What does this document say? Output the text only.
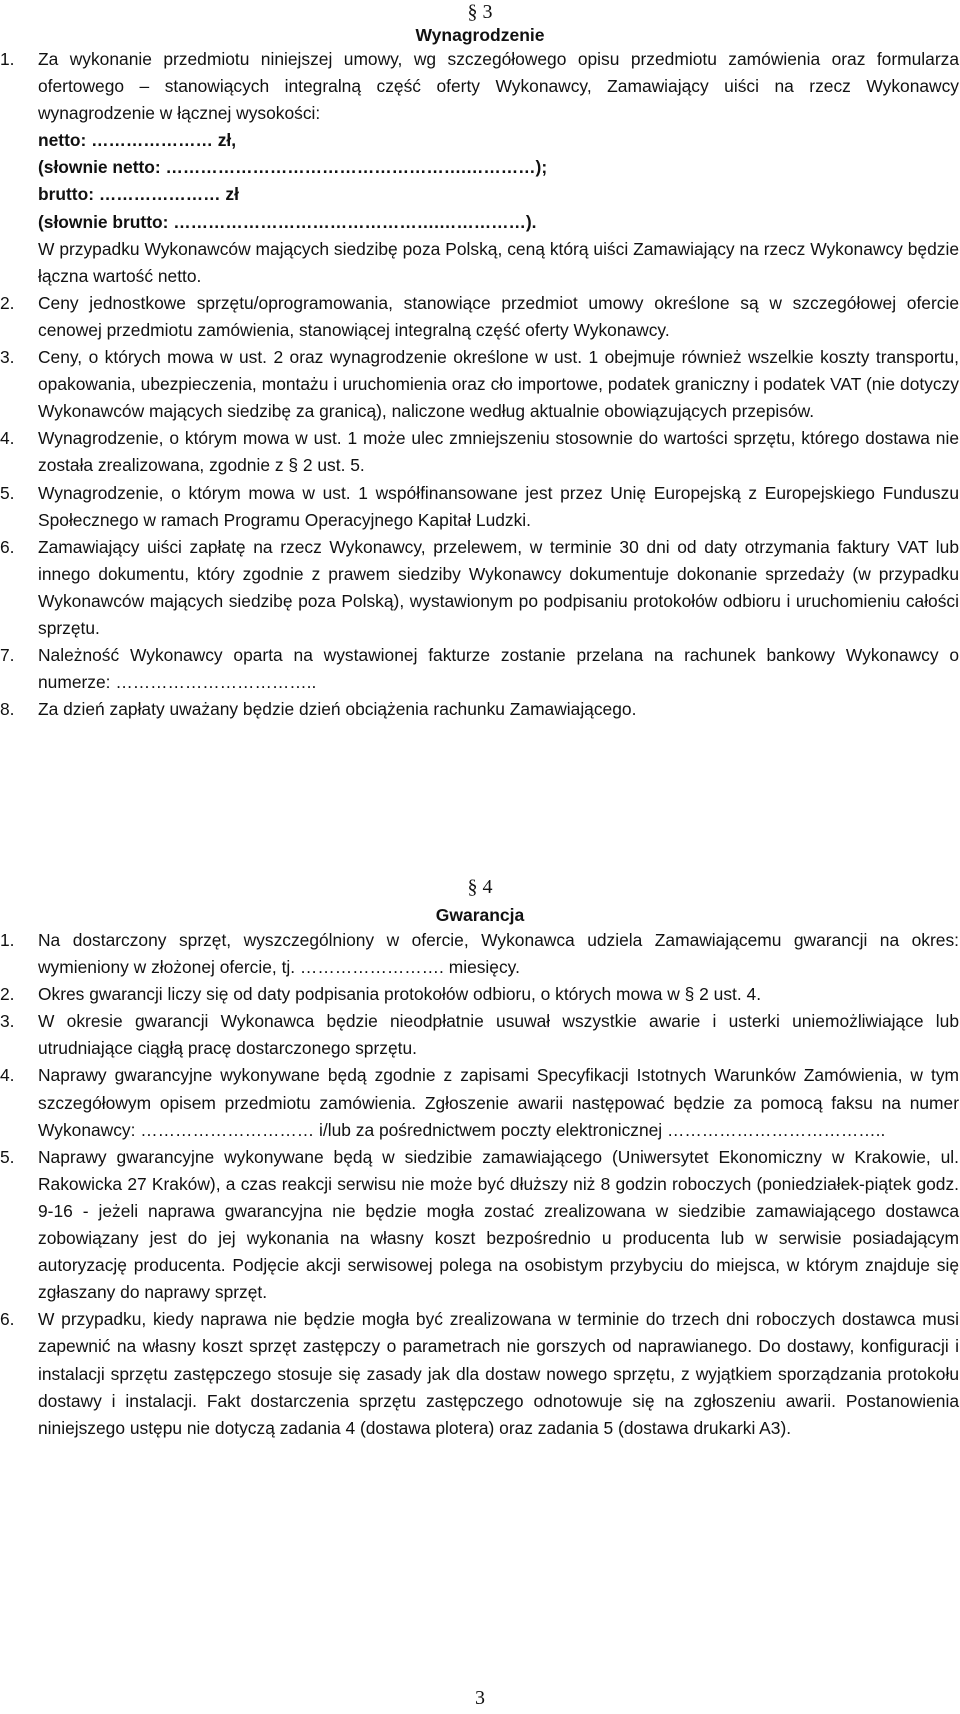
§ 3
Wynagrodzenie
1.	Za wykonanie przedmiotu niniejszej umowy, wg szczegółowego opisu przedmiotu zamówienia oraz formularza ofertowego – stanowiących integralną część oferty Wykonawcy, Zamawiający uiści na rzecz Wykonawcy wynagrodzenie w łącznej wysokości:
netto: ………………… zł,
(słownie netto: …………………………………………….…………);
brutto: ………………… zł
(słownie brutto: ……………………………………….……………).
W przypadku Wykonawców mających siedzibę poza Polską, ceną którą uiści Zamawiający na rzecz Wykonawcy będzie łączna wartość netto.
2.	Ceny jednostkowe sprzętu/oprogramowania, stanowiące przedmiot umowy określone są w szczegółowej ofercie cenowej przedmiotu zamówienia, stanowiącej integralną część oferty Wykonawcy.
3.	Ceny, o których mowa w ust. 2 oraz wynagrodzenie określone w ust. 1 obejmuje również wszelkie koszty transportu, opakowania, ubezpieczenia, montażu i uruchomienia oraz cło importowe, podatek graniczny i podatek VAT (nie dotyczy Wykonawców mających siedzibę za granicą), naliczone według aktualnie obowiązujących przepisów.
4.	Wynagrodzenie, o którym mowa w ust. 1 może ulec zmniejszeniu stosownie do wartości sprzętu, którego dostawa nie została zrealizowana, zgodnie z § 2 ust. 5.
5.	Wynagrodzenie, o którym mowa w ust. 1 współfinansowane jest przez Unię Europejską z Europejskiego Funduszu Społecznego w ramach Programu Operacyjnego Kapitał Ludzki.
6.	Zamawiający uiści zapłatę na rzecz Wykonawcy, przelewem, w terminie 30 dni od daty otrzymania faktury VAT lub innego dokumentu, który zgodnie z prawem siedziby Wykonawcy dokumentuje dokonanie sprzedaży (w przypadku Wykonawców mających siedzibę poza Polską), wystawionym po podpisaniu protokołów odbioru i uruchomieniu całości sprzętu.
7.	Należność Wykonawcy oparta na wystawionej fakturze zostanie przelana na rachunek bankowy Wykonawcy o numerze: ……………………………..
8.	Za dzień zapłaty uważany będzie dzień obciążenia rachunku Zamawiającego.
§ 4
Gwarancja
1.	Na dostarczony sprzęt, wyszczególniony w ofercie, Wykonawca udziela Zamawiającemu gwarancji na okres: wymieniony w złożonej ofercie, tj. ……………………. miesięcy.
2.	Okres gwarancji liczy się od daty podpisania protokołów odbioru, o których mowa w § 2 ust. 4.
3.	W okresie gwarancji Wykonawca będzie nieodpłatnie usuwał wszystkie awarie i usterki uniemożliwiające lub utrudniające ciągłą pracę dostarczonego sprzętu.
4.	Naprawy gwarancyjne wykonywane będą zgodnie z zapisami Specyfikacji Istotnych Warunków Zamówienia, w tym szczegółowym opisem przedmiotu zamówienia. Zgłoszenie awarii następować będzie za pomocą faksu na numer Wykonawcy: ………………………… i/lub za pośrednictwem poczty elektronicznej ………………………………..
5.	Naprawy gwarancyjne wykonywane będą w siedzibie zamawiającego (Uniwersytet Ekonomiczny w Krakowie, ul. Rakowicka 27 Kraków), a czas reakcji serwisu nie może być dłuższy niż 8 godzin roboczych (poniedziałek-piątek godz. 9-16 - jeżeli naprawa gwarancyjna nie będzie mogła zostać zrealizowana w siedzibie zamawiającego dostawca zobowiązany jest do jej wykonania na własny koszt bezpośrednio u producenta lub w serwisie posiadającym autoryzację producenta. Podjęcie akcji serwisowej polega na osobistym przybyciu do miejsca, w którym znajduje się zgłaszany do naprawy sprzęt.
6.	W przypadku, kiedy naprawa nie będzie mogła być zrealizowana w terminie do trzech dni roboczych dostawca musi zapewnić na własny koszt sprzęt zastępczy o parametrach nie gorszych od naprawianego. Do dostawy, konfiguracji i instalacji sprzętu zastępczego stosuje się zasady jak dla dostaw nowego sprzętu, z wyjątkiem sporządzania protokołu dostawy i instalacji. Fakt dostarczenia sprzętu zastępczego odnotowuje się na zgłoszeniu awarii. Postanowienia niniejszego ustępu nie dotyczą zadania 4 (dostawa plotera) oraz zadania 5 (dostawa drukarki A3).
3
